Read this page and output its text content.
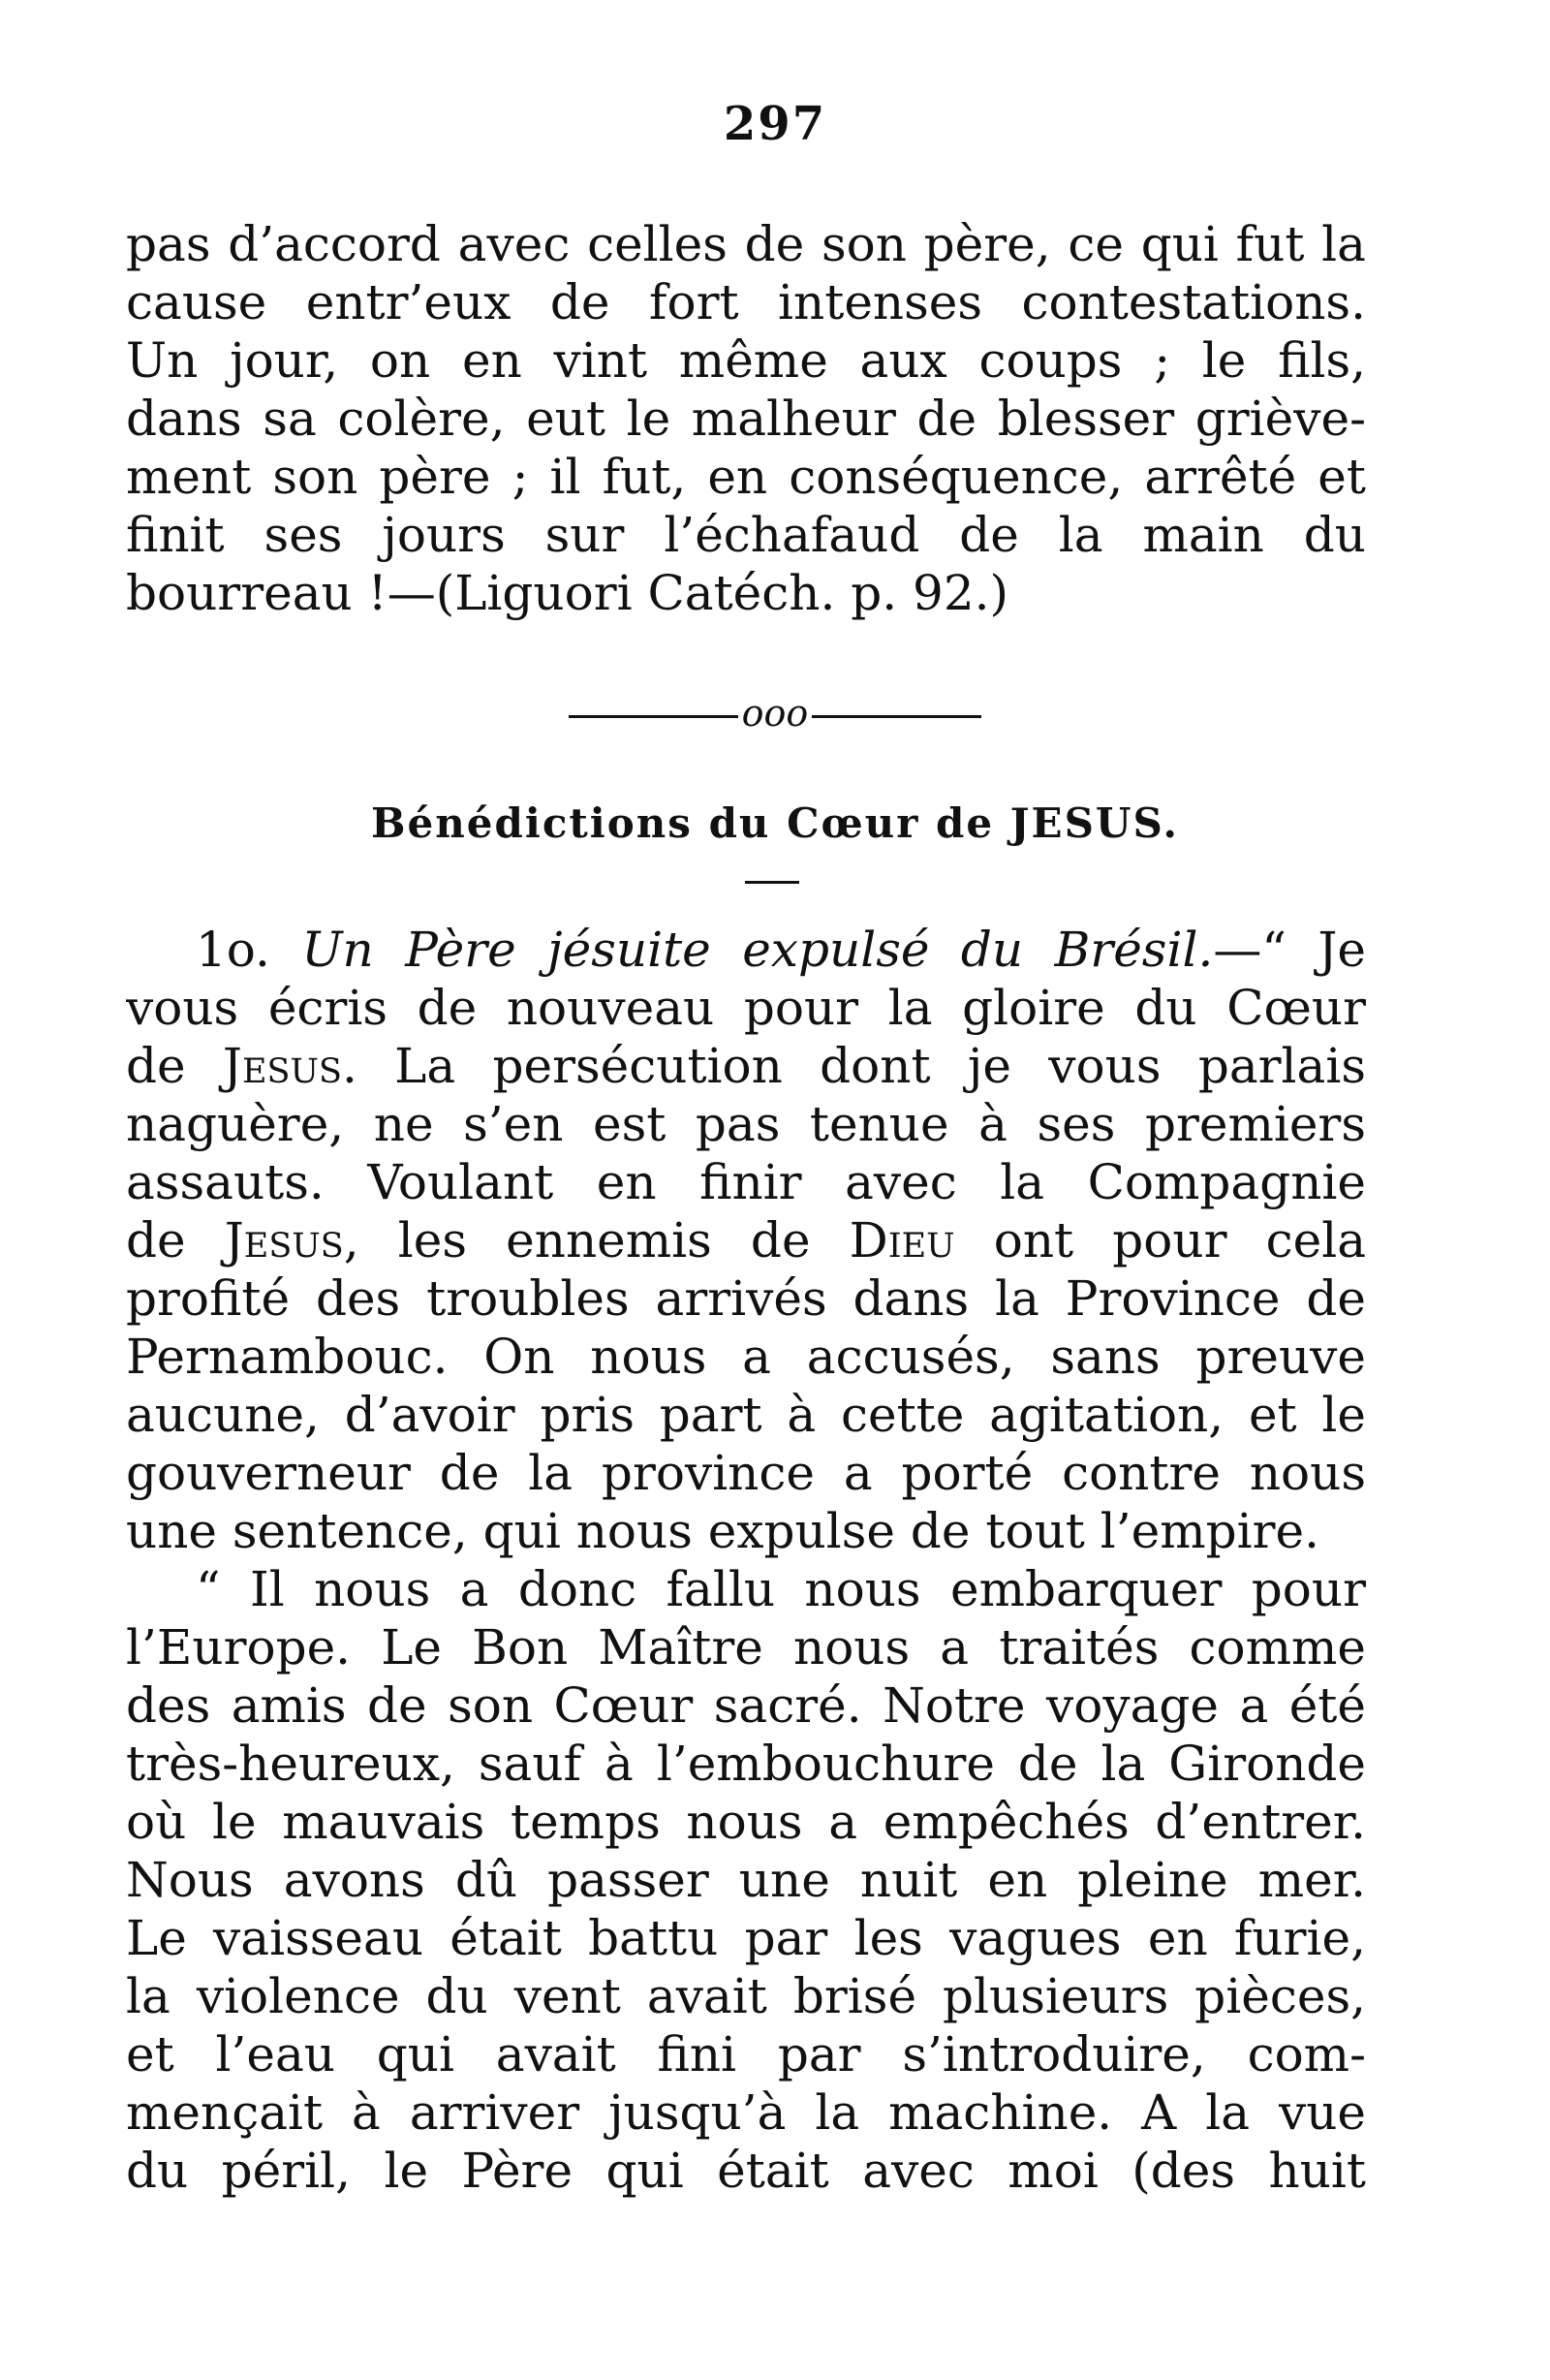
297
pas d’accord avec celles de son père, ce qui fut la
cause entr’eux de fort intenses contestations.
Un jour, on en vint même aux coups ; le fils,
dans sa colère, eut le malheur de blesser griève-
ment son père ; il fut, en conséquence, arrêté et
finit ses jours sur l’échafaud de la main du
bourreau !—(Liguori Catéch. p. 92.)
ooo
Bénédictions du Cœur de JESUS.
1o. Un Père jésuite expulsé du Brésil.—“ Je
vous écris de nouveau pour la gloire du Cœur
de Jesus. La persécution dont je vous parlais
naguère, ne s’en est pas tenue à ses premiers
assauts. Voulant en finir avec la Compagnie
de Jesus, les ennemis de Dieu ont pour cela
profité des troubles arrivés dans la Province de
Pernambouc. On nous a accusés, sans preuve
aucune, d’avoir pris part à cette agitation, et le
gouverneur de la province a porté contre nous
une sentence, qui nous expulse de tout l’empire.
“ Il nous a donc fallu nous embarquer pour
l’Europe. Le Bon Maître nous a traités comme
des amis de son Cœur sacré. Notre voyage a été
très-heureux, sauf à l’embouchure de la Gironde
où le mauvais temps nous a empêchés d’entrer.
Nous avons dû passer une nuit en pleine mer.
Le vaisseau était battu par les vagues en furie,
la violence du vent avait brisé plusieurs pièces,
et l’eau qui avait fini par s’introduire, com-
mençait à arriver jusqu’à la machine. A la vue
du péril, le Père qui était avec moi (des huit
